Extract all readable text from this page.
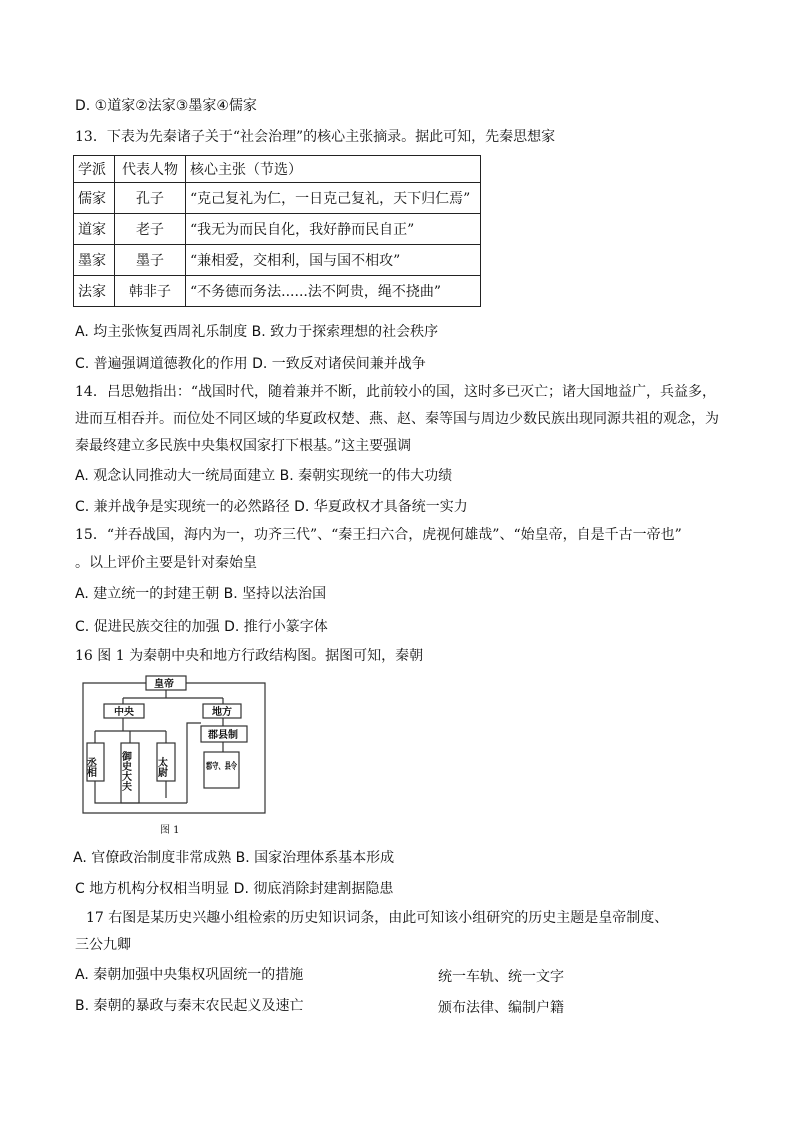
D. ①道家②法家③墨家④儒家
13．下表为先秦诸子关于“社会治理”的核心主张摘录。据此可知，先秦思想家
学派	代表人物	核心主张（节选）
儒家	孔子	“克己复礼为仁，一日克己复礼，天下归仁焉”
道家	老子	“我无为而民自化，我好静而民自正”
墨家	墨子	“兼相爱，交相利，国与国不相攻”
法家	韩非子	“不务德而务法......法不阿贵，绳不挠曲”
A. 均主张恢复西周礼乐制度 B. 致力于探索理想的社会秩序
C. 普遍强调道德教化的作用 D. 一致反对诸侯间兼并战争
14．吕思勉指出：“战国时代，随着兼并不断，此前较小的国，这时多已灭亡；诸大国地益广，兵益多，
进而互相吞并。而位处不同区域的华夏政权楚、燕、赵、秦等国与周边少数民族出现同源共祖的观念，为
秦最终建立多民族中央集权国家打下根基。”这主要强调
A. 观念认同推动大一统局面建立 B. 秦朝实现统一的伟大功绩
C. 兼并战争是实现统一的必然路径 D. 华夏政权才具备统一实力
15．“并吞战国，海内为一，功齐三代”、“秦王扫六合，虎视何雄哉”、“始皇帝，自是千古一帝也”
。以上评价主要是针对秦始皇
A. 建立统一的封建王朝 B. 坚持以法治国
C. 促进民族交往的加强 D. 推行小篆字体
16 图 1 为秦朝中央和地方行政结构图。据图可知，秦朝
皇帝
中央	地方
郡县制
丞相 御史大夫	太尉	郡守、县令
图 1
A. 官僚政治制度非常成熟 B. 国家治理体系基本形成
C 地方机构分权相当明显 D. 彻底消除封建割据隐患
17 右图是某历史兴趣小组检索的历史知识词条，由此可知该小组研究的历史主题是皇帝制度、
三公九卿
A. 秦朝加强中央集权巩固统一的措施	统一车轨、统一文字
B. 秦朝的暴政与秦末农民起义及速亡	颁布法律、编制户籍
